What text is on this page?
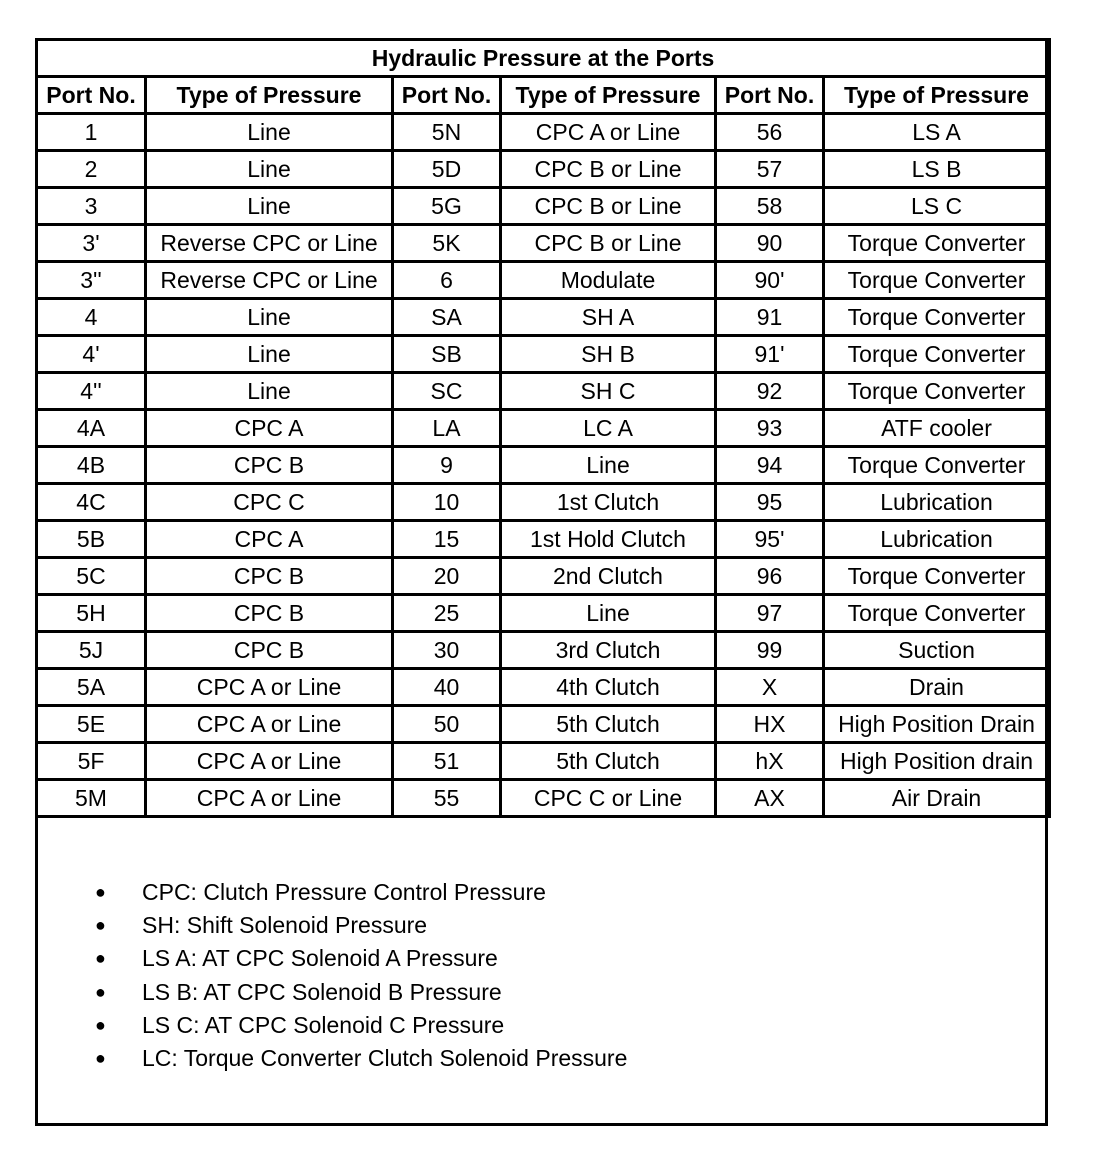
Hydraulic Pressure at the Ports					
Port No.	Type of Pressure	Port No.	Type of Pressure	Port No.	Type of Pressure
1	Line	5N	CPC A or Line	56	LS A
2	Line	5D	CPC B or Line	57	LS B
3	Line	5G	CPC B or Line	58	LS C
3'	Reverse CPC or Line	5K	CPC B or Line	90	Torque Converter
3''	Reverse CPC or Line	6	Modulate	90'	Torque Converter
4	Line	SA	SH A	91	Torque Converter
4'	Line	SB	SH B	91'	Torque Converter
4''	Line	SC	SH C	92	Torque Converter
4A	CPC A	LA	LC A	93	ATF cooler
4B	CPC B	9	Line	94	Torque Converter
4C	CPC C	10	1st Clutch	95	Lubrication
5B	CPC A	15	1st Hold Clutch	95'	Lubrication
5C	CPC B	20	2nd Clutch	96	Torque Converter
5H	CPC B	25	Line	97	Torque Converter
5J	CPC B	30	3rd Clutch	99	Suction
5A	CPC A or Line	40	4th Clutch	X	Drain
5E	CPC A or Line	50	5th Clutch	HX	High Position Drain
5F	CPC A or Line	51	5th Clutch	hX	High Position drain
5M	CPC A or Line	55	CPC C or Line	AX	Air Drain
● CPC: Clutch Pressure Control Pressure
● SH: Shift Solenoid Pressure
● LS A: AT CPC Solenoid A Pressure
● LS B: AT CPC Solenoid B Pressure
● LS C: AT CPC Solenoid C Pressure
● LC: Torque Converter Clutch Solenoid Pressure
